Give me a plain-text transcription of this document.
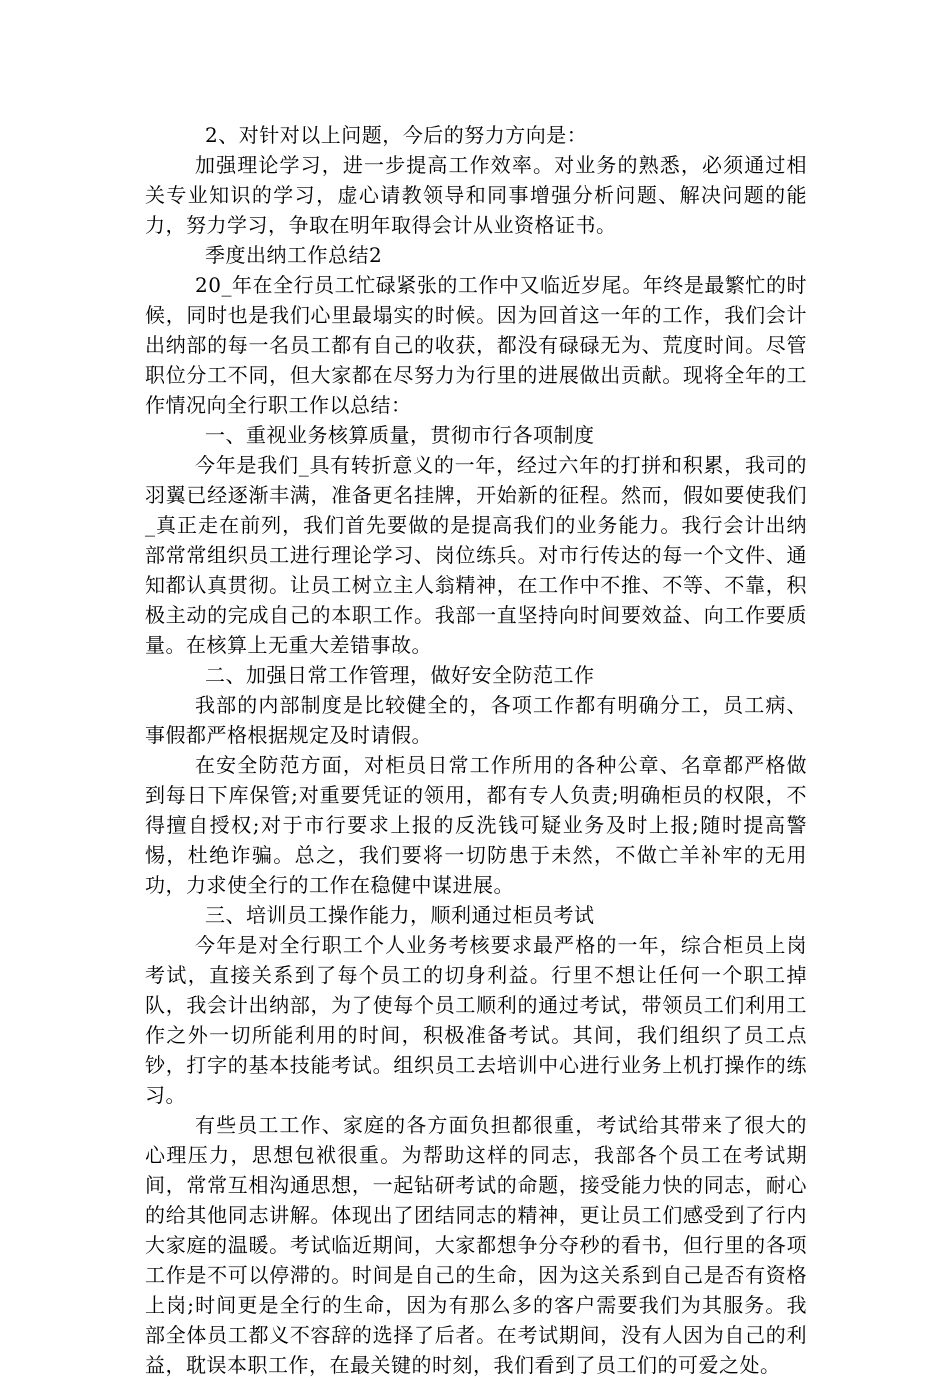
2、对针对以上问题，今后的努力方向是：

加强理论学习，进一步提高工作效率。对业务的熟悉，必须通过相关专业知识的学习，虚心请教领导和同事增强分析问题、解决问题的能力，努力学习，争取在明年取得会计从业资格证书。

季度出纳工作总结2

20_年在全行员工忙碌紧张的工作中又临近岁尾。年终是最繁忙的时候，同时也是我们心里最塌实的时候。因为回首这一年的工作，我们会计出纳部的每一名员工都有自己的收获，都没有碌碌无为、荒度时间。尽管职位分工不同，但大家都在尽努力为行里的进展做出贡献。现将全年的工作情况向全行职工作以总结：

一、重视业务核算质量，贯彻市行各项制度

今年是我们_具有转折意义的一年，经过六年的打拼和积累，我司的羽翼已经逐渐丰满，准备更名挂牌，开始新的征程。然而，假如要使我们_真正走在前列，我们首先要做的是提高我们的业务能力。我行会计出纳部常常组织员工进行理论学习、岗位练兵。对市行传达的每一个文件、通知都认真贯彻。让员工树立主人翁精神，在工作中不推、不等、不靠，积极主动的完成自己的本职工作。我部一直坚持向时间要效益、向工作要质量。在核算上无重大差错事故。

二、加强日常工作管理，做好安全防范工作

我部的内部制度是比较健全的，各项工作都有明确分工，员工病、事假都严格根据规定及时请假。

在安全防范方面，对柜员日常工作所用的各种公章、名章都严格做到每日下库保管;对重要凭证的领用，都有专人负责;明确柜员的权限，不得擅自授权;对于市行要求上报的反洗钱可疑业务及时上报;随时提高警惕，杜绝诈骗。总之，我们要将一切防患于未然，不做亡羊补牢的无用功，力求使全行的工作在稳健中谋进展。

三、培训员工操作能力，顺利通过柜员考试

今年是对全行职工个人业务考核要求最严格的一年，综合柜员上岗考试，直接关系到了每个员工的切身利益。行里不想让任何一个职工掉队，我会计出纳部，为了使每个员工顺利的通过考试，带领员工们利用工作之外一切所能利用的时间，积极准备考试。其间，我们组织了员工点钞，打字的基本技能考试。组织员工去培训中心进行业务上机打操作的练习。

有些员工工作、家庭的各方面负担都很重，考试给其带来了很大的心理压力，思想包袱很重。为帮助这样的同志，我部各个员工在考试期间，常常互相沟通思想，一起钻研考试的命题，接受能力快的同志，耐心的给其他同志讲解。体现出了团结同志的精神，更让员工们感受到了行内大家庭的温暖。考试临近期间，大家都想争分夺秒的看书，但行里的各项工作是不可以停滞的。时间是自己的生命，因为这关系到自己是否有资格上岗;时间更是全行的生命，因为有那么多的客户需要我们为其服务。我部全体员工都义不容辞的选择了后者。在考试期间，没有人因为自己的利益，耽误本职工作，在最关键的时刻，我们看到了员工们的可爱之处。
